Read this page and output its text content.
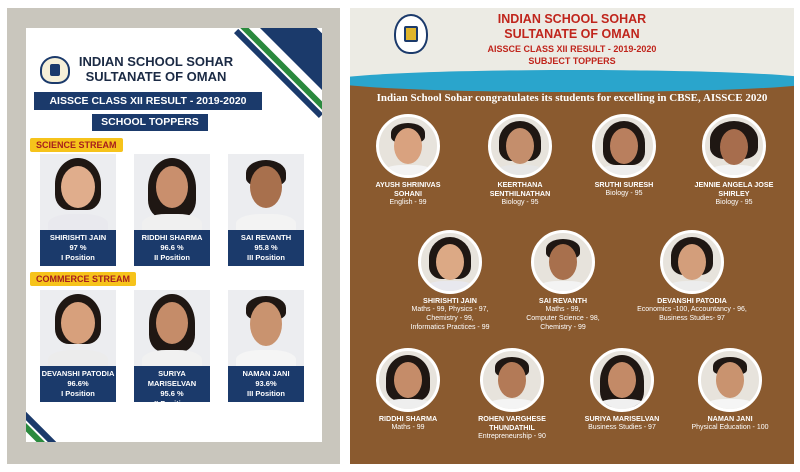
INDIAN SCHOOL SOHAR
SULTANATE OF OMAN
AISSCE CLASS XII RESULT - 2019-2020
SCHOOL TOPPERS
SCIENCE STREAM
SHIRISHTI JAIN
97 %
I Position
RIDDHI SHARMA
96.6 %
II Position
SAI REVANTH
95.8 %
III Position
COMMERCE STREAM
DEVANSHI PATODIA
96.6%
I Position
SURIYA MARISELVAN
95.6 %
II Position
NAMAN JANI
93.6%
III Position
INDIAN SCHOOL SOHAR
SULTANATE OF OMAN
AISSCE CLASS XII RESULT - 2019-2020
SUBJECT TOPPERS
Indian School Sohar congratulates its students for excelling in CBSE, AISSCE 2020
AYUSH SHRINIVAS
SOHANI
English - 99
KEERTHANA
SENTHILNATHAN
Biology - 95
SRUTHI SURESH
Biology - 95
JENNIE ANGELA JOSE
SHIRLEY
Biology - 95
SHIRISHTI JAIN
Maths - 99, Physics - 97,
Chemistry - 99,
Informatics Practices - 99
SAI REVANTH
Maths - 99,
Computer Science - 98,
Chemistry - 99
DEVANSHI PATODIA
Economics -100, Accountancy - 96,
Business Studies- 97
RIDDHI SHARMA
Maths - 99
ROHEN VARGHESE
THUNDATHIL
Entrepreneurship - 90
SURIYA MARISELVAN
Business Studies - 97
NAMAN JANI
Physical Education - 100
